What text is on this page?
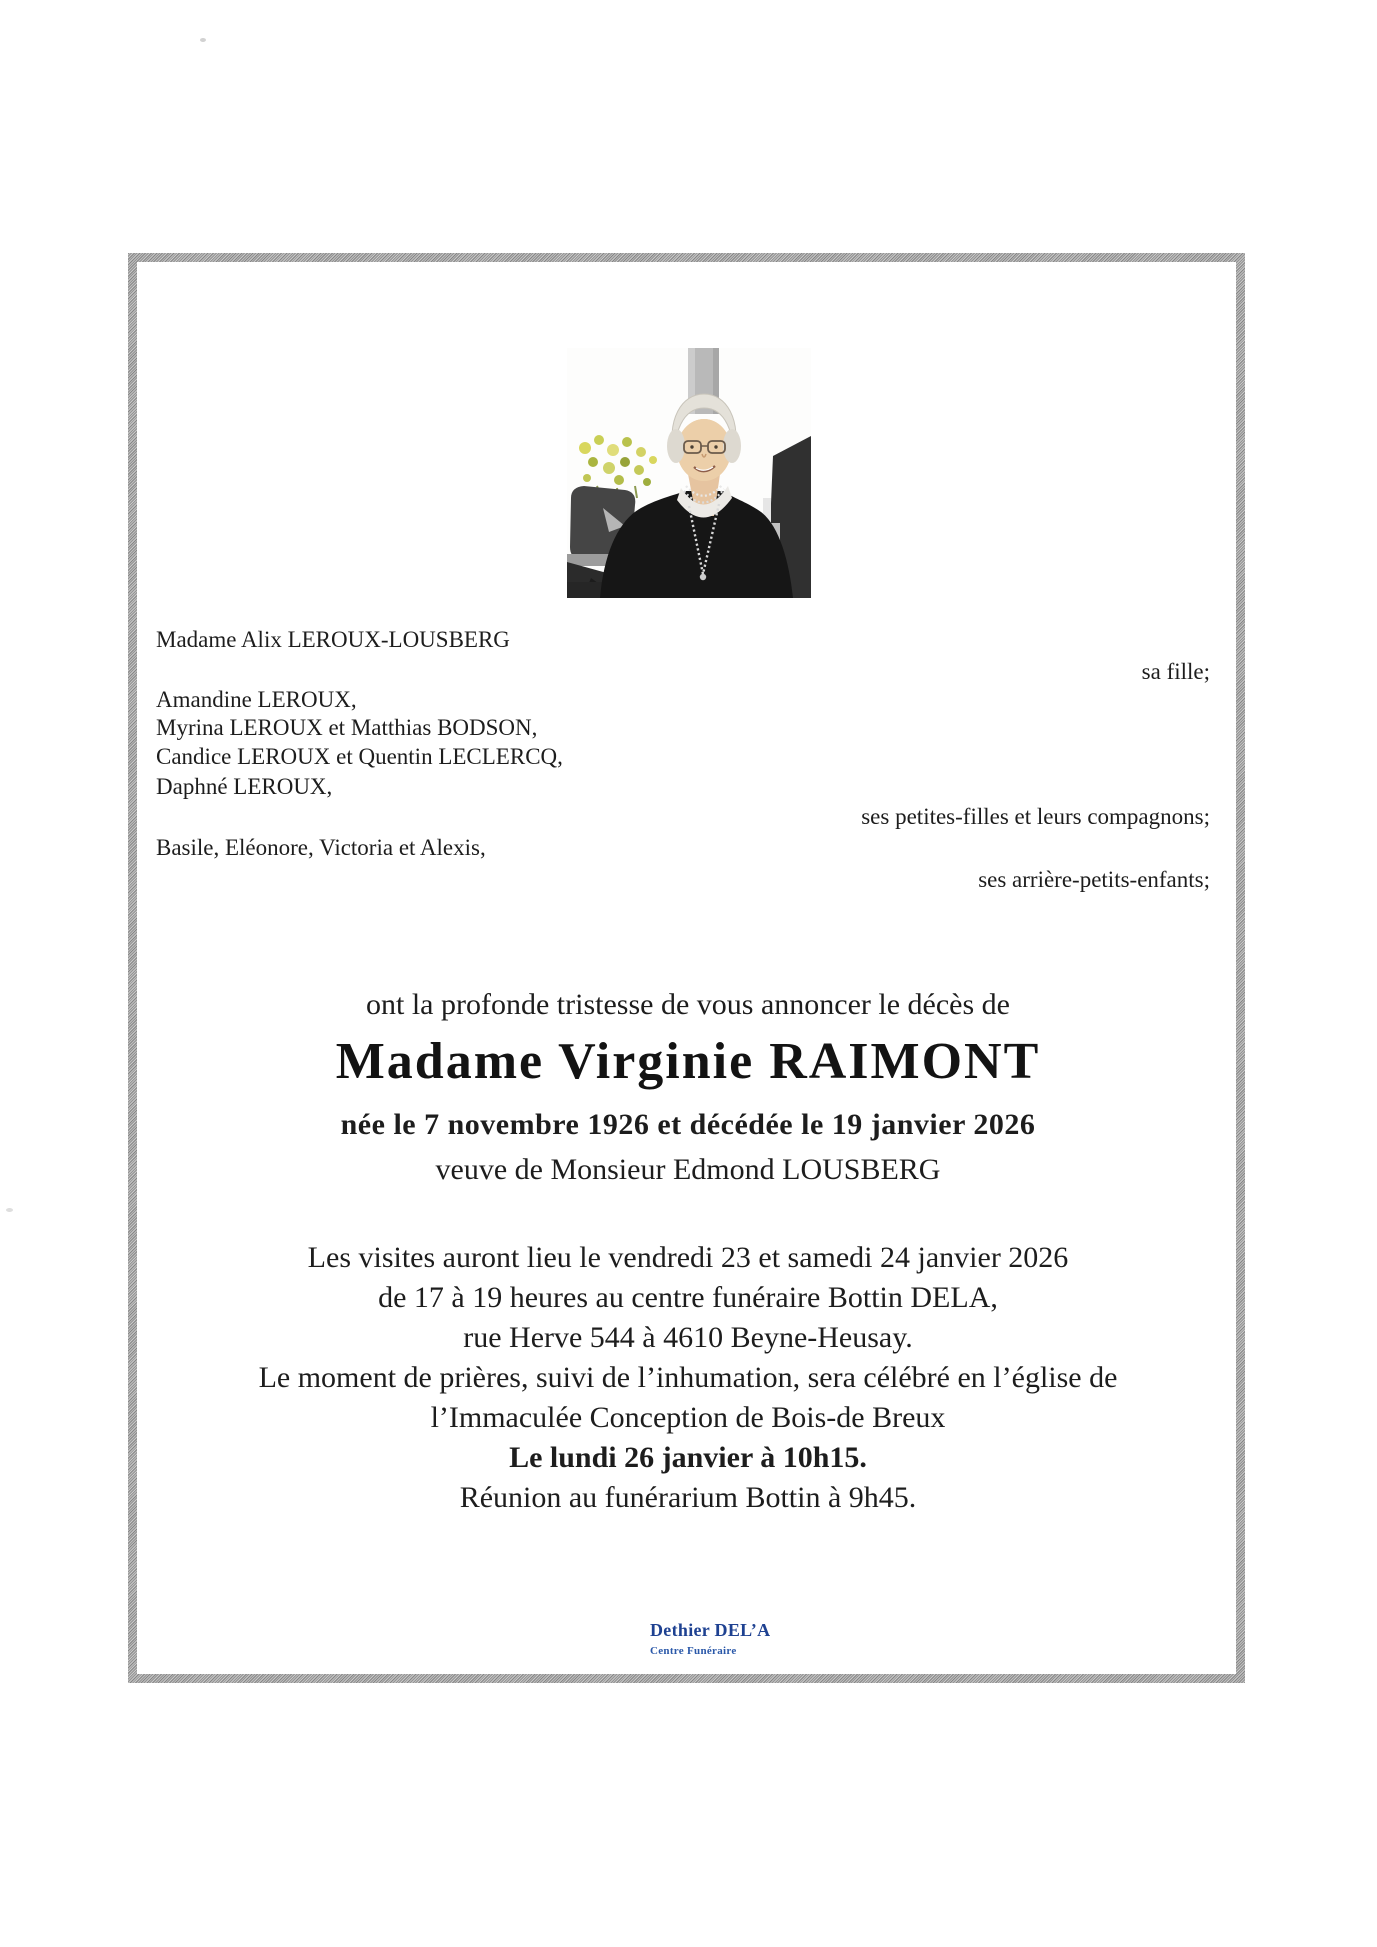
Madame Alix LEROUX-LOUSBERG
sa fille;
Amandine LEROUX,
Myrina LEROUX et Matthias BODSON,
Candice LEROUX et Quentin LECLERCQ,
Daphné LEROUX,
ses petites-filles et leurs compagnons;
Basile, Eléonore, Victoria et Alexis,
ses arrière-petits-enfants;
ont la profonde tristesse de vous annoncer le décès de
Madame Virginie RAIMONT
née le 7 novembre 1926 et décédée le 19 janvier 2026
veuve de Monsieur Edmond LOUSBERG
Les visites auront lieu le vendredi 23 et samedi 24 janvier 2026
de 17 à 19 heures au centre funéraire Bottin DELA,
rue Herve 544 à 4610 Beyne-Heusay.
Le moment de prières, suivi de l’inhumation, sera célébré en l’église de
l’Immaculée Conception de Bois-de Breux
Le lundi 26 janvier à 10h15.
Réunion au funérarium Bottin à 9h45.
Dethier DEL’A
Centre Funéraire
